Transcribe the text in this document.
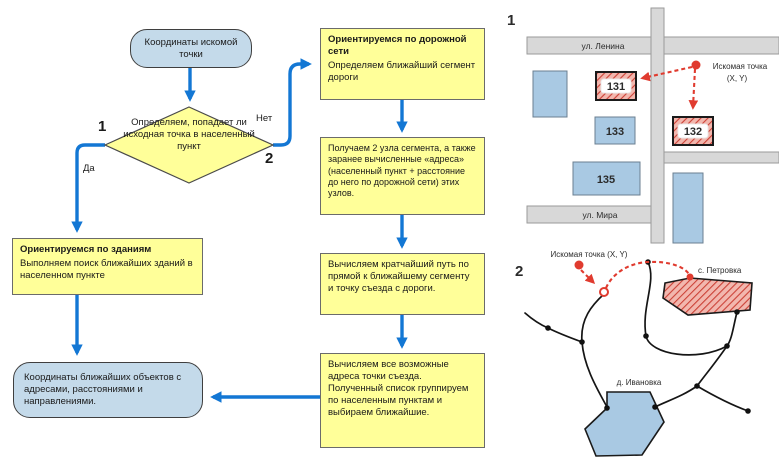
Координаты искомой точки
Определяем, попадает ли исходная точка в населенный пункт
1	Нет
2
Да
Ориентируемся по зданиям
Выполняем поиск ближайших зданий в населенном пункте
Координаты ближайших объектов с адресами, расстояниями и направлениями.
Ориентируемся по дорожной сети
Определяем ближайший сегмент дороги
Получаем 2 узла сегмента, а также заранее вычисленные «адреса» (населенный пункт + расстояние до него по дорожной сети) этих узлов.
Вычисляем кратчайший путь по прямой к ближайшему сегменту и точку съезда с дороги.
Вычисляем все возможные адреса точки съезда. Полученный список группируем по населенным пунктам и выбираем ближайшие.
ул. Ленина
ул. Мира
131
132
133
135
Искомая точка
(X, Y)
1
Искомая точка (X, Y)
с. Петровка
д. Ивановка
2
